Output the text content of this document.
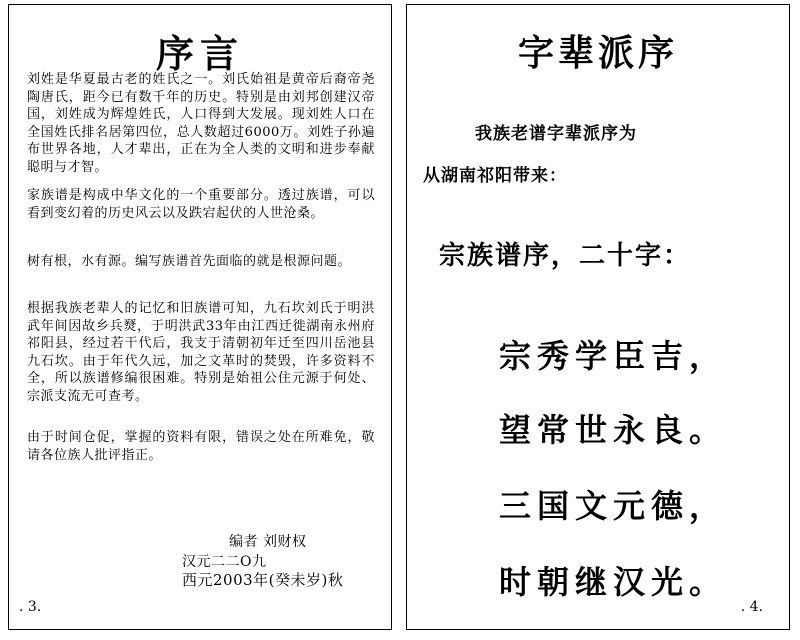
序言
刘姓是华夏最古老的姓氏之一。刘氏始祖是黄帝后裔帝尧陶唐氏，距今已有数千年的历史。特别是由刘邦创建汉帝国，刘姓成为辉煌姓氏，人口得到大发展。现刘姓人口在全国姓氏排名居第四位，总人数超过6000万。刘姓子孙遍布世界各地，人才辈出，正在为全人类的文明和进步奉献聪明与才智。
家族谱是构成中华文化的一个重要部分。透过族谱，可以看到变幻着的历史风云以及跌宕起伏的人世沧桑。
树有根，水有源。编写族谱首先面临的就是根源问题。
根据我族老辈人的记忆和旧族谱可知，九石坎刘氏于明洪武年间因故乡兵燹，于明洪武33年由江西迁徙湖南永州府祁阳县，经过若干代后，我支于清朝初年迁至四川岳池县九石坎。由于年代久远，加之文革时的焚毁，许多资料不全，所以族谱修编很困难。特别是始祖公住元源于何处、宗派支流无可查考。
由于时间仓促，掌握的资料有限，错误之处在所难免，敬请各位族人批评指正。
编者 刘财权
汉元二二O九
西元2003年(癸未岁)秋
. 3.
字辈派序
我族老谱字辈派序为
从湖南祁阳带来：
宗族谱序，二十字：
宗秀学臣吉，
望常世永良。
三国文元德，
时朝继汉光。
. 4.
